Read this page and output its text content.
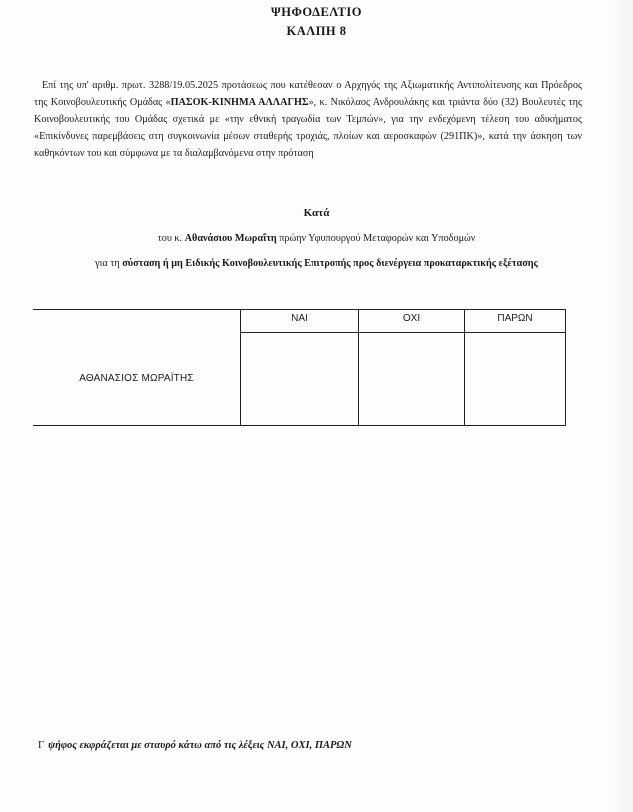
ΨΗΦΟΔΕΛΤΙΟ
ΚΑΛΠΗ 8
Επί της υπ' αριθμ. πρωτ. 3288/19.05.2025 προτάσεως που κατέθεσαν ο Αρχηγός της Αξιωματικής Αντιπολίτευσης και Πρόεδρος της Κοινοβουλευτικής Ομάδας «ΠΑΣΟΚ-ΚΙΝΗΜΑ ΑΛΛΑΓΗΣ», κ. Νικόλαος Ανδρουλάκης και τριάντα δύο (32) Βουλευτές της Κοινοβουλευτικής του Ομάδας σχετικά με «την εθνική τραγωδία των Τεμπών», για την ενδεχόμενη τέλεση του αδικήματος «Επικίνδυνες παρεμβάσεις στη συγκοινωνία μέσων σταθερής τροχιάς, πλοίων και αεροσκαφών (291ΠΚ)», κατά την άσκηση των καθηκόντων του και σύμφωνα με τα διαλαμβανόμενα στην πρόταση
Κατά
του κ. Αθανάσιου Μωραΐτη πρώην Υφυπουργού Μεταφορών και Υποδομών
για τη σύσταση ή μη Ειδικής Κοινοβουλευτικής Επιτροπής προς διενέργεια προκαταρκτικής εξέτασης
	ΝΑΙ	ΟΧΙ	ΠΑΡΩΝ
ΑΘΑΝΑΣΙΟΣ ΜΩΡΑΪΤΗΣ			
Γ ψήφος εκφράζεται με σταυρό κάτω από τις λέξεις ΝΑΙ, ΟΧΙ, ΠΑΡΩΝ
